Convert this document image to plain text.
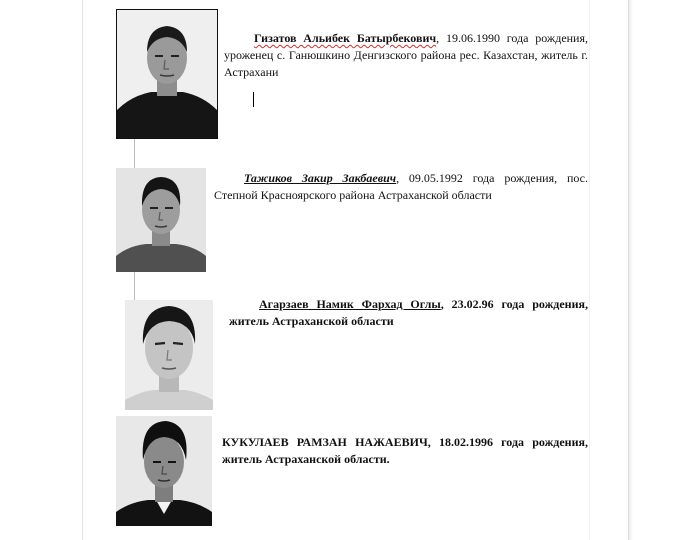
Гизатов Альибек Батырбекович, 19.06.1990 года рождения, уроженец с. Ганюшкино Денгизского района рес. Казахстан, житель г. Астрахани
Тажиков Закир Закбаевич, 09.05.1992 года рождения, пос. Степной Красноярского района Астраханской области
Агарзаев Намик Фархад Оглы, 23.02.96 года рождения, житель Астраханской области
КУКУЛАЕВ РАМЗАН НАЖАЕВИЧ, 18.02.1996 года рождения, житель Астраханской области.
